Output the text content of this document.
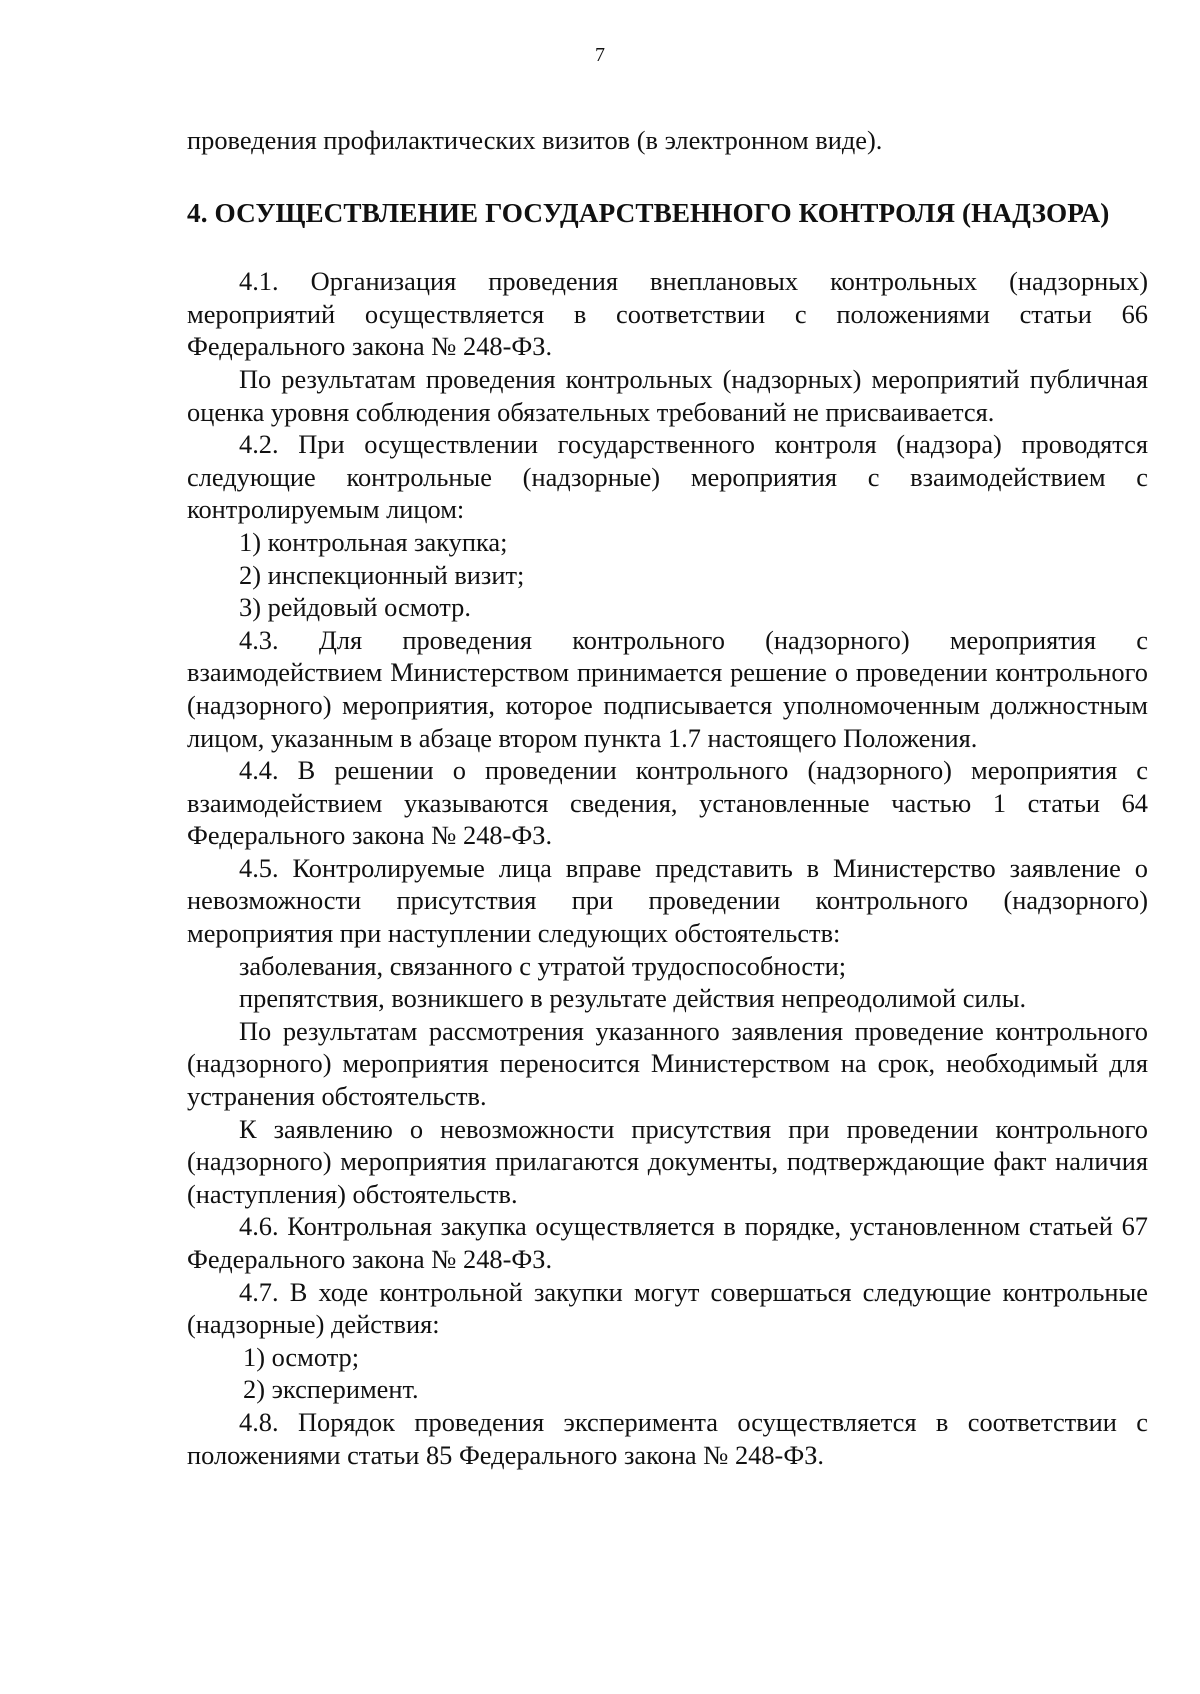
7

проведения профилактических визитов (в электронном виде).

4. ОСУЩЕСТВЛЕНИЕ ГОСУДАРСТВЕННОГО КОНТРОЛЯ (НАДЗОРА)

4.1. Организация проведения внеплановых контрольных (надзорных) мероприятий осуществляется в соответствии с положениями статьи 66 Федерального закона № 248-ФЗ.

По результатам проведения контрольных (надзорных) мероприятий публичная оценка уровня соблюдения обязательных требований не присваивается.

4.2. При осуществлении государственного контроля (надзора) проводятся следующие контрольные (надзорные) мероприятия с взаимодействием с контролируемым лицом:

1) контрольная закупка;

2) инспекционный визит;

3) рейдовый осмотр.

4.3. Для проведения контрольного (надзорного) мероприятия с взаимодействием Министерством принимается решение о проведении контрольного (надзорного) мероприятия, которое подписывается уполномоченным должностным лицом, указанным в абзаце втором пункта 1.7 настоящего Положения.

4.4. В решении о проведении контрольного (надзорного) мероприятия с взаимодействием указываются сведения, установленные частью 1 статьи 64 Федерального закона № 248-ФЗ.

4.5. Контролируемые лица вправе представить в Министерство заявление о невозможности присутствия при проведении контрольного (надзорного) мероприятия при наступлении следующих обстоятельств:

заболевания, связанного с утратой трудоспособности;

препятствия, возникшего в результате действия непреодолимой силы.

По результатам рассмотрения указанного заявления проведение контрольного (надзорного) мероприятия переносится Министерством на срок, необходимый для устранения обстоятельств.

К заявлению о невозможности присутствия при проведении контрольного (надзорного) мероприятия прилагаются документы, подтверждающие факт наличия (наступления) обстоятельств.

4.6. Контрольная закупка осуществляется в порядке, установленном статьей 67 Федерального закона № 248-ФЗ.

4.7. В ходе контрольной закупки могут совершаться следующие контрольные (надзорные) действия:

1) осмотр;

2) эксперимент.

4.8. Порядок проведения эксперимента осуществляется в соответствии с положениями статьи 85 Федерального закона № 248-ФЗ.
